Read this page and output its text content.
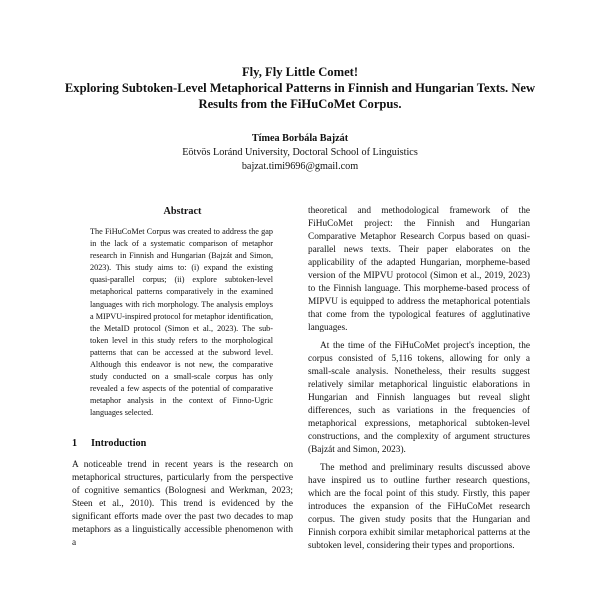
Fly, Fly Little Comet!

Exploring Subtoken-Level Metaphorical Patterns in Finnish and Hungarian Texts. New

Results from the FiHuCoMet Corpus.

Tímea Borbála Bajzát
Eötvös Loránd University, Doctoral School of Linguistics
bajzat.timi9696@gmail.com
Abstract

The FiHuCoMet Corpus was created to address the gap in the lack of a systematic comparison of metaphor research in Finnish and Hungarian (Bajzát and Simon, 2023). This study aims to: (i) expand the existing quasi-parallel corpus; (ii) explore subtoken-level metaphorical patterns comparatively in the examined languages with rich morphology. The analysis employs a MIPVU-inspired protocol for metaphor identification, the MetaID protocol (Simon et al., 2023). The sub-token level in this study refers to the morphological patterns that can be accessed at the subword level. Although this endeavor is not new, the comparative study conducted on a small-scale corpus has only revealed a few aspects of the potential of comparative metaphor analysis in the context of Finno-Ugric languages selected.

1 Introduction

A noticeable trend in recent years is the research on metaphorical structures, particularly from the perspective of cognitive semantics (Bolognesi and Werkman, 2023; Steen et al., 2010). This trend is evidenced by the significant efforts made over the past two decades to map metaphors as a linguistically accessible phenomenon with a

theoretical and methodological framework of the FiHuCoMet project: the Finnish and Hungarian Comparative Metaphor Research Corpus based on quasi-parallel news texts. Their paper elaborates on the applicability of the adapted Hungarian, morpheme-based version of the MIPVU protocol (Simon et al., 2019, 2023) to the Finnish language. This morpheme-based process of MIPVU is equipped to address the metaphorical potentials that come from the typological features of agglutinative languages.

At the time of the FiHuCoMet project's inception, the corpus consisted of 5,116 tokens, allowing for only a small-scale analysis. Nonetheless, their results suggest relatively similar metaphorical linguistic elaborations in Hungarian and Finnish languages but reveal slight differences, such as variations in the frequencies of metaphorical expressions, metaphorical subtoken-level constructions, and the complexity of argument structures (Bajzát and Simon, 2023).

The method and preliminary results discussed above have inspired us to outline further research questions, which are the focal point of this study. Firstly, this paper introduces the expansion of the FiHuCoMet research corpus. The given study posits that the Hungarian and Finnish corpora exhibit similar metaphorical patterns at the subtoken level, considering their types and proportions.
